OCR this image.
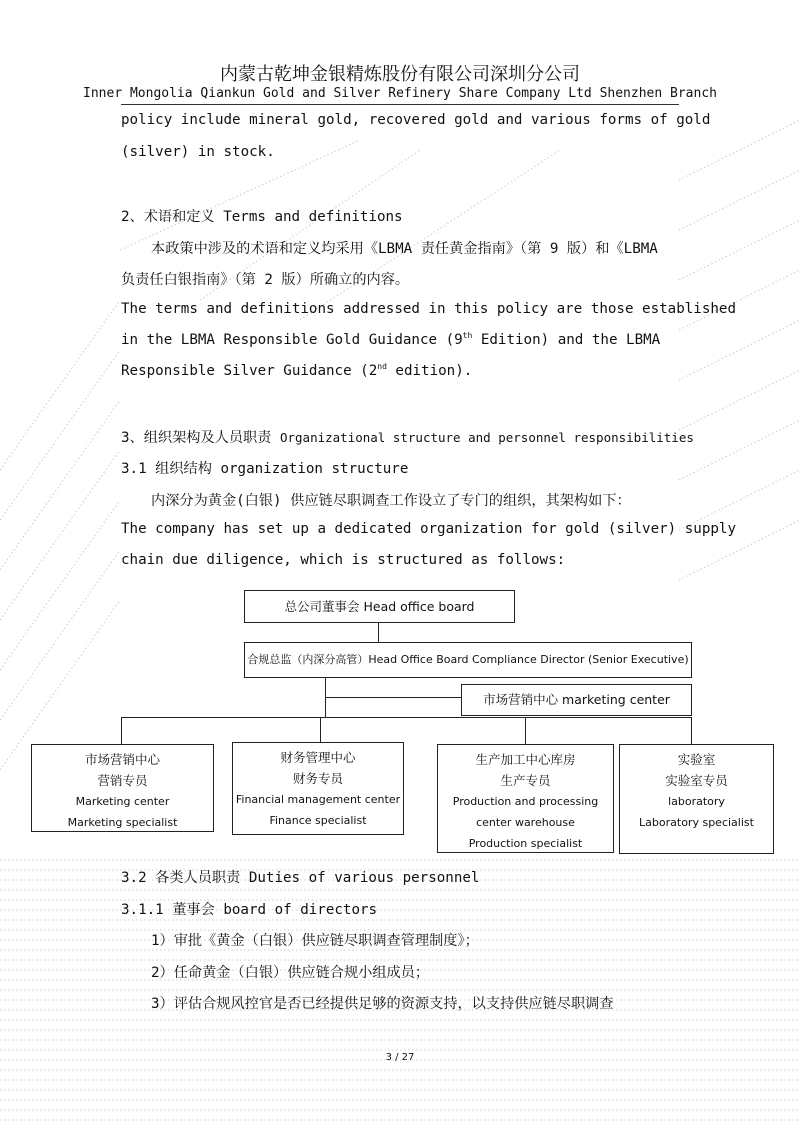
内蒙古乾坤金银精炼股份有限公司深圳分公司
Inner Mongolia Qiankun Gold and Silver Refinery Share Company Ltd Shenzhen Branch
policy include mineral gold, recovered gold and various forms of gold
(silver) in stock.
2、术语和定义 Terms and definitions
本政策中涉及的术语和定义均采用《LBMA 责任黄金指南》（第 9 版）和《LBMA
负责任白银指南》（第 2 版）所确立的内容。
The terms and definitions addressed in this policy are those established
in the LBMA Responsible Gold Guidance (9th Edition) and the LBMA
Responsible Silver Guidance (2nd edition).
3、组织架构及人员职责 Organizational structure and personnel responsibilities
3.1 组织结构 organization structure
内深分为黄金(白银) 供应链尽职调查工作设立了专门的组织，其架构如下：
The company has set up a dedicated organization for gold (silver) supply
chain due diligence, which is structured as follows:
总公司董事会 Head office board
合规总监（内深分高管）Head Office Board Compliance Director (Senior Executive)
市场营销中心 marketing center
市场营销中心
营销专员
Marketing center
Marketing specialist
财务管理中心
财务专员
Financial management center
Finance specialist
生产加工中心库房
生产专员
Production and processing
center warehouse
Production specialist
实验室
实验室专员
laboratory
Laboratory specialist
3.2 各类人员职责 Duties of various personnel
3.1.1 董事会 board of directors
1）审批《黄金（白银）供应链尽职调查管理制度》；
2）任命黄金（白银）供应链合规小组成员；
3）评估合规风控官是否已经提供足够的资源支持，以支持供应链尽职调查
3 / 27
